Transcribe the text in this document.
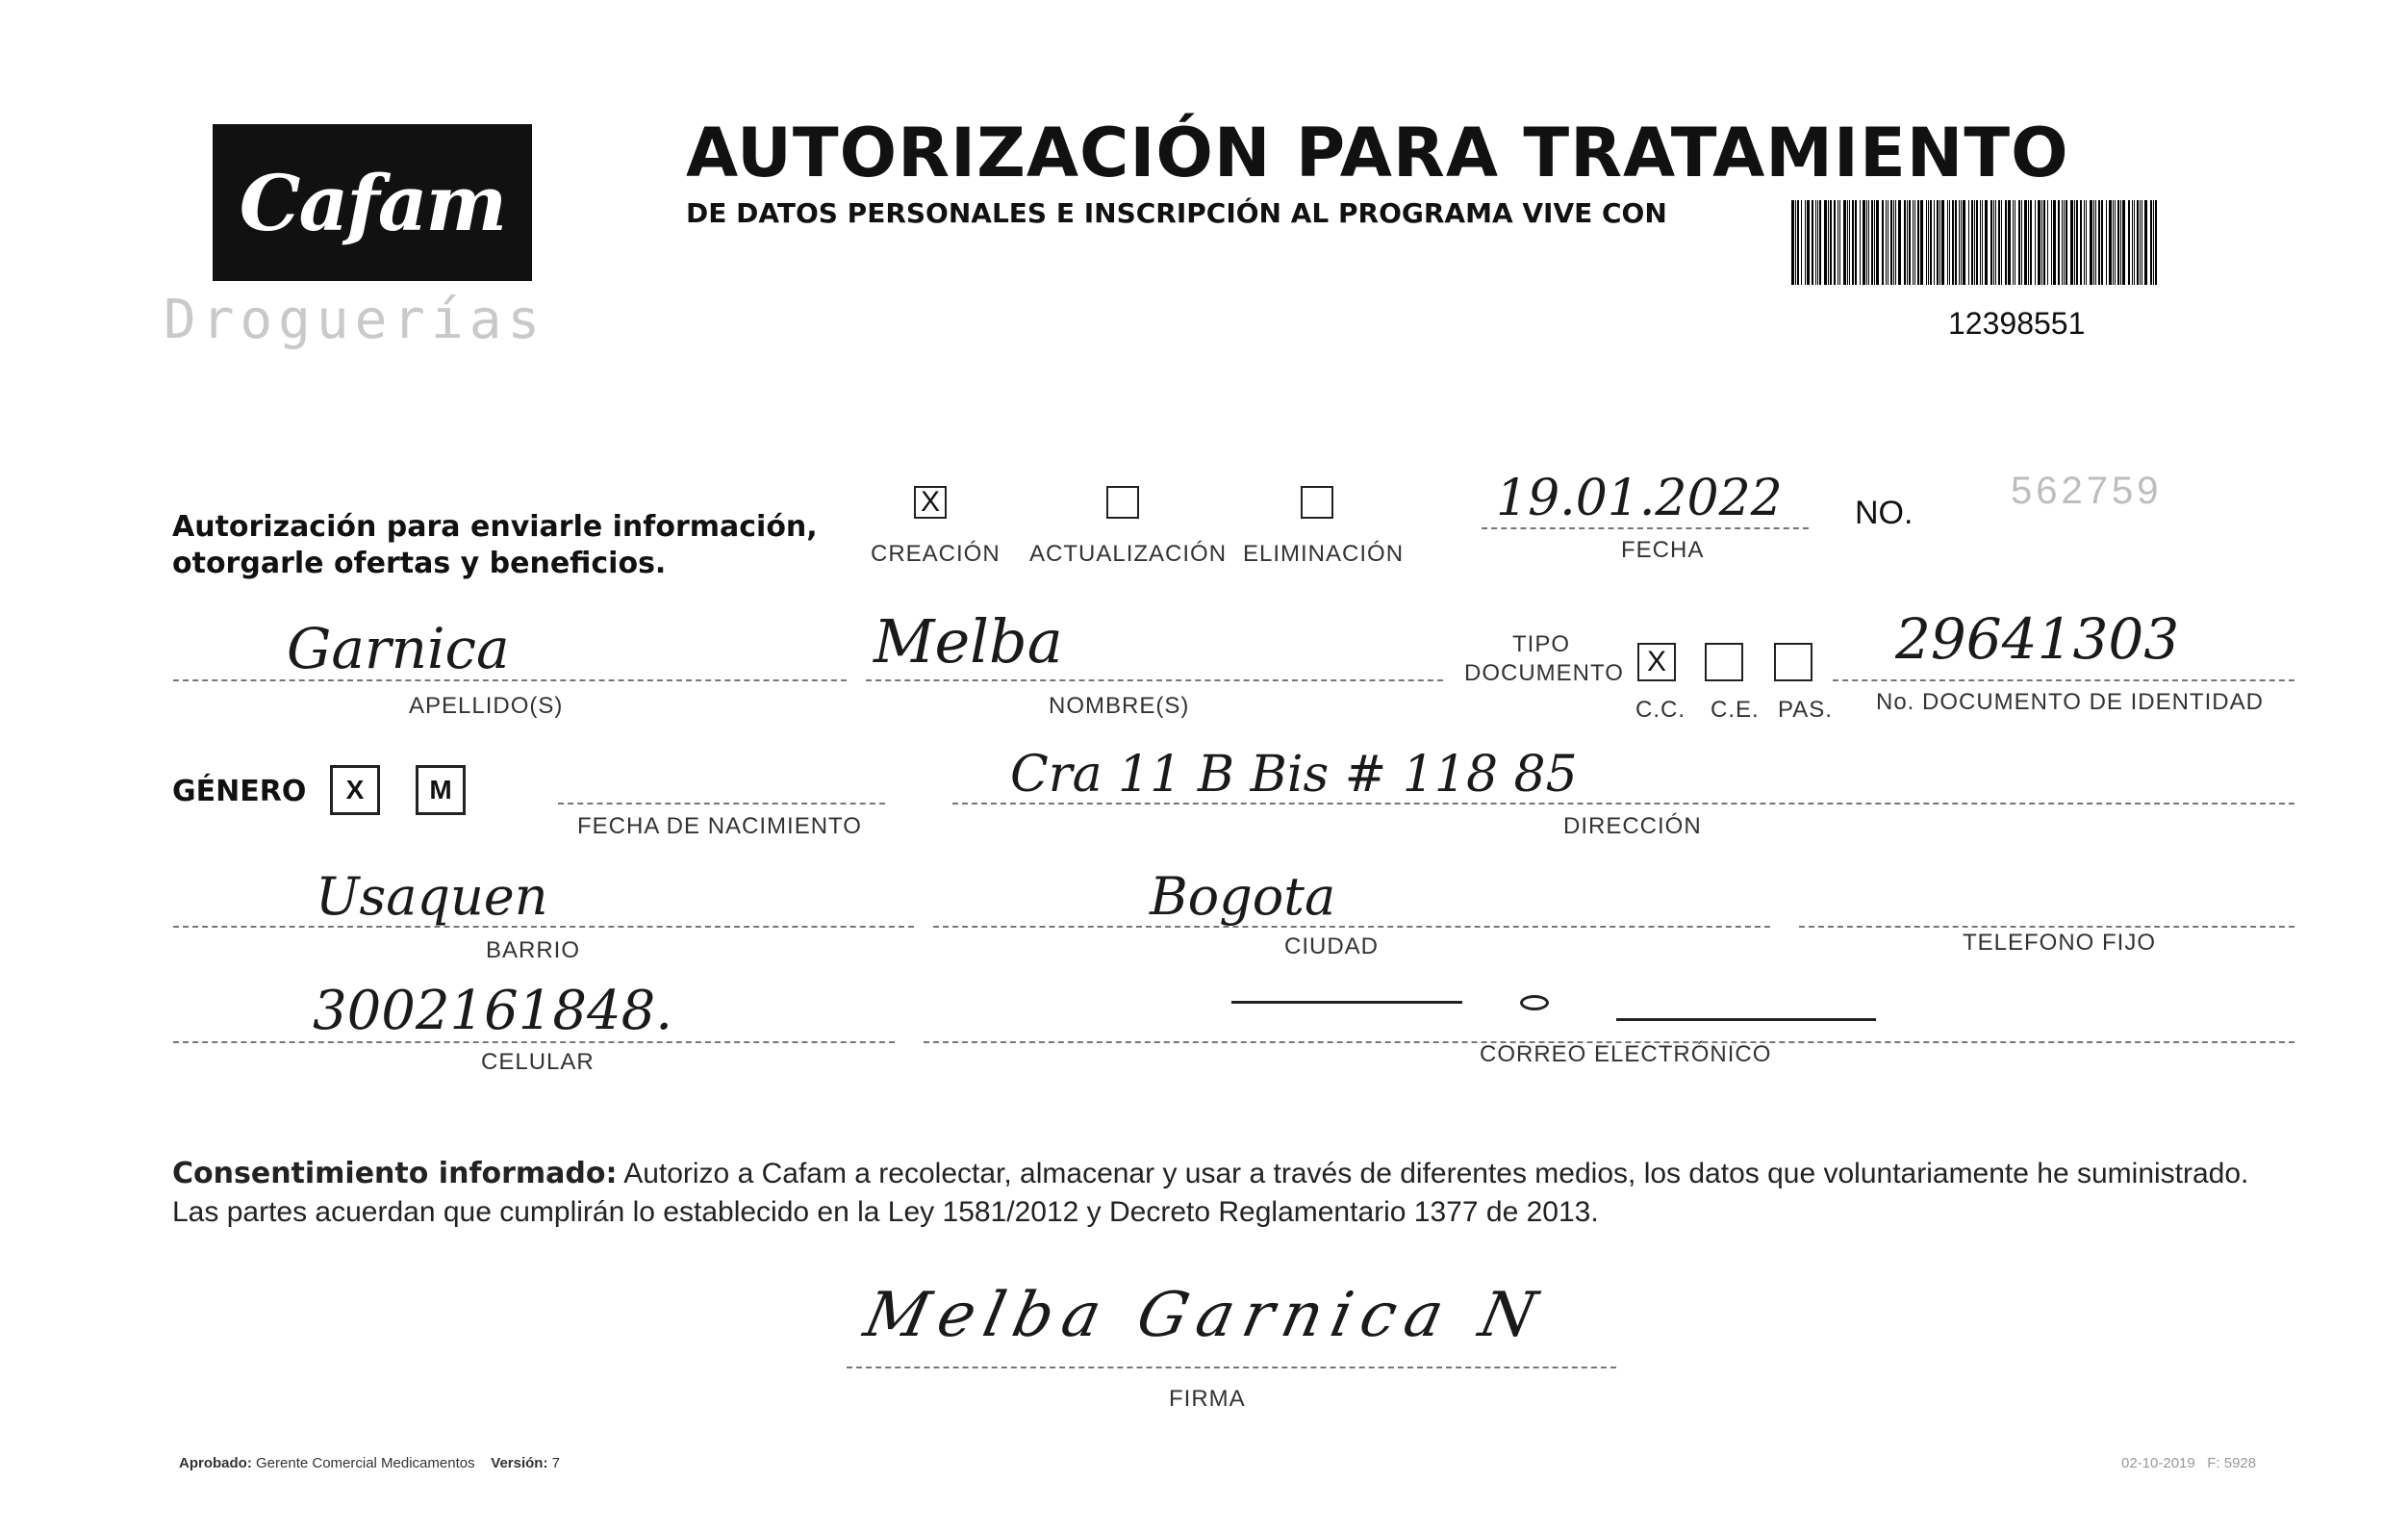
Cafam
Droguerías
AUTORIZACIÓN PARA TRATAMIENTO
DE DATOS PERSONALES E INSCRIPCIÓN AL PROGRAMA VIVE CON
12398551
Autorización para enviarle información,
otorgarle ofertas y beneficios.
X
CREACIÓN ACTUALIZACIÓN ELIMINACIÓN
19.01.2022
FECHA
NO.
562759
Garnica
APELLIDO(S)
Melba
NOMBRE(S)
TIPO
DOCUMENTO X
C.C. C.E. PAS.
29641303
No. DOCUMENTO DE IDENTIDAD
GÉNERO X M
FECHA DE NACIMIENTO
Cra 11 B Bis # 118 85
DIRECCIÓN
Usaquen
BARRIO
Bogota
CIUDAD	TELEFONO FIJO
3002161848.
CELULAR	CORREO ELECTRÓNICO
Consentimiento informado: Autorizo a Cafam a recolectar, almacenar y usar a través de diferentes medios, los datos que voluntariamente he suministrado. Las partes acuerdan que cumplirán lo establecido en la Ley 1581/2012 y Decreto Reglamentario 1377 de 2013.
Melba Garnica N
FIRMA
Aprobado: Gerente Comercial Medicamentos Versión: 7	02-10-2019 F: 5928
